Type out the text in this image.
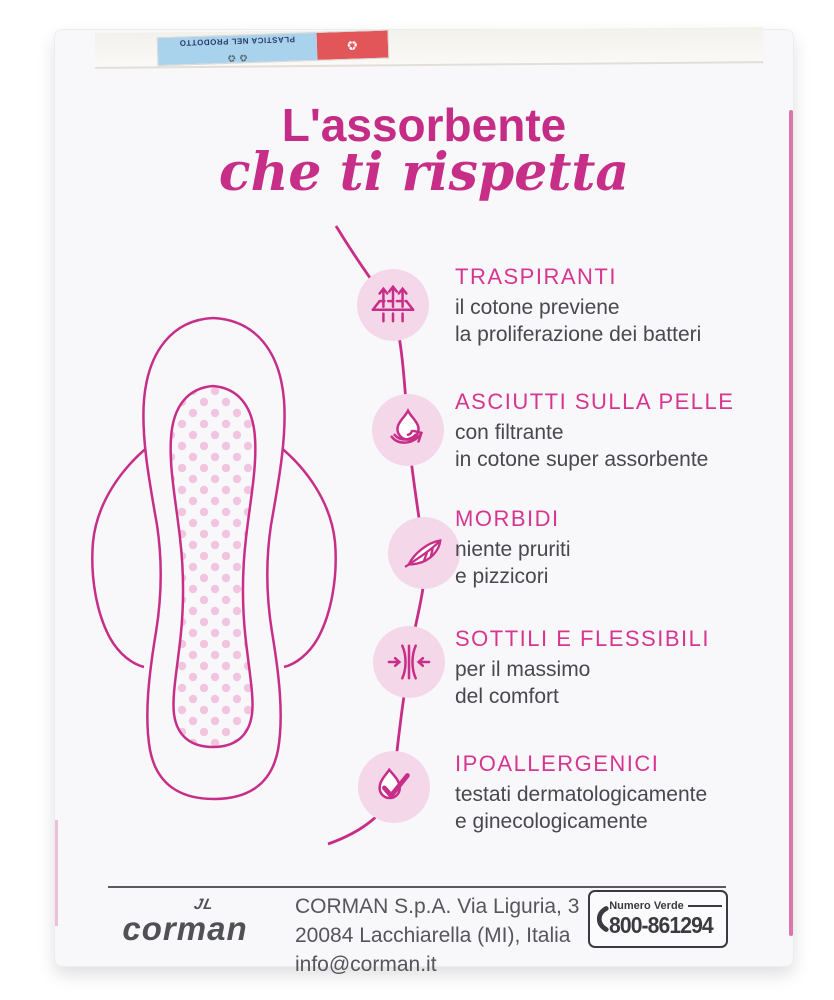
♻
♻ ♻
PLASTICA NEL PRODOTTO
L'assorbente
che ti rispetta
TRASPIRANTI

il cotone previene

la proliferazione dei batteri

ASCIUTTI SULLA PELLE

con filtrante

in cotone super assorbente

MORBIDI

niente pruriti

e pizzicori

SOTTILI E FLESSIBILI

per il massimo

del comfort

IPOALLERGENICI

testati dermatologicamente

e ginecologicamente

JL
corman
CORMAN S.p.A. Via Liguria, 3
20084 Lacchiarella (MI), Italia
info@corman.it
Numero Verde
800-861294
